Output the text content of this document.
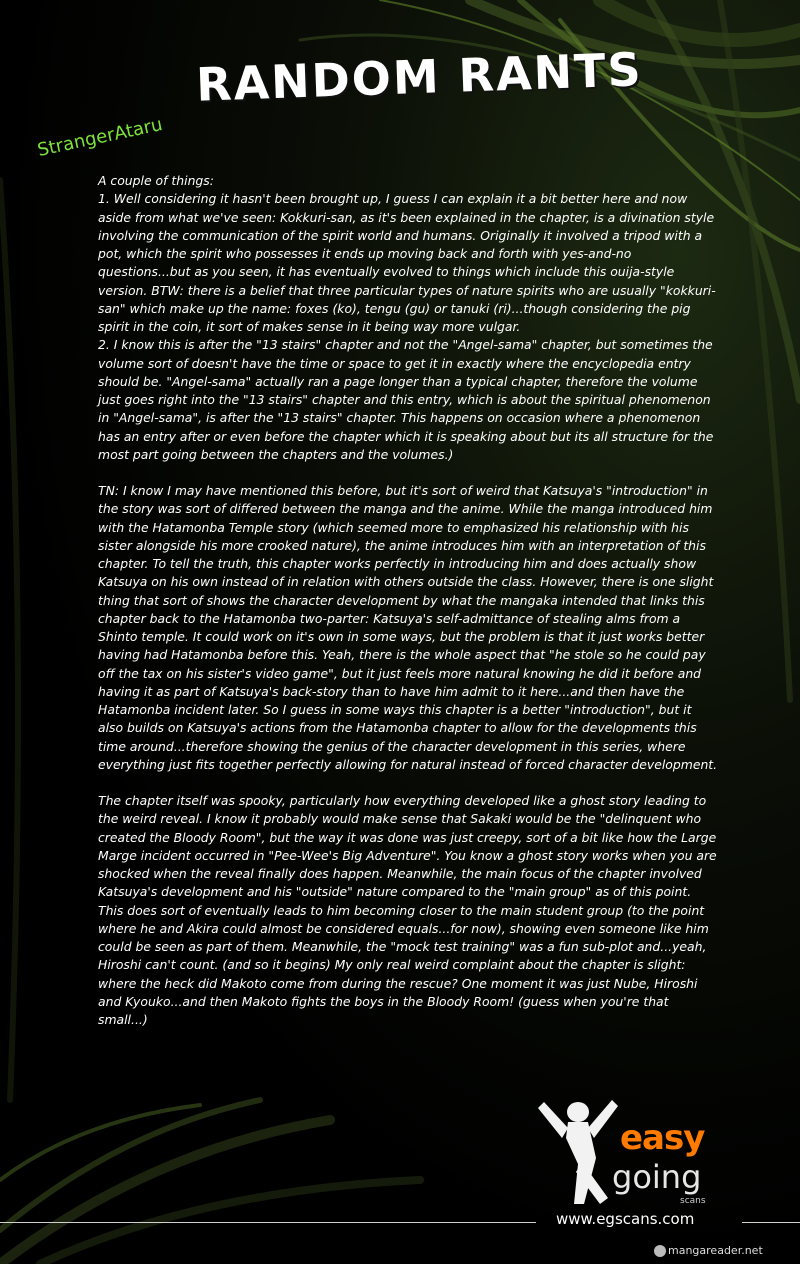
RANDOM RANTS
StrangerAtaru

A couple of things:
1. Well considering it hasn't been brought up, I guess I can explain it a bit better here and now aside from what we've seen: Kokkuri-san, as it's been explained in the chapter, is a divination style involving the communication of the spirit world and humans. Originally it involved a tripod with a pot, which the spirit who possesses it ends up moving back and forth with yes-and-no questions...but as you seen, it has eventually evolved to things which include this ouija-style version. BTW: there is a belief that three particular types of nature spirits who are usually "kokkuri-san" which make up the name: foxes (ko), tengu (gu) or tanuki (ri)...though considering the pig spirit in the coin, it sort of makes sense in it being way more vulgar.
2. I know this is after the "13 stairs" chapter and not the "Angel-sama" chapter, but sometimes the volume sort of doesn't have the time or space to get it in exactly where the encyclopedia entry should be. "Angel-sama" actually ran a page longer than a typical chapter, therefore the volume just goes right into the "13 stairs" chapter and this entry, which is about the spiritual phenomenon in "Angel-sama", is after the "13 stairs" chapter. This happens on occasion where a phenomenon has an entry after or even before the chapter which it is speaking about but its all structure for the most part going between the chapters and the volumes.)

TN: I know I may have mentioned this before, but it's sort of weird that Katsuya's "introduction" in the story was sort of differed between the manga and the anime. While the manga introduced him with the Hatamonba Temple story (which seemed more to emphasized his relationship with his sister alongside his more crooked nature), the anime introduces him with an interpretation of this chapter. To tell the truth, this chapter works perfectly in introducing him and does actually show Katsuya on his own instead of in relation with others outside the class. However, there is one slight thing that sort of shows the character development by what the mangaka intended that links this chapter back to the Hatamonba two-parter: Katsuya's self-admittance of stealing alms from a Shinto temple. It could work on it's own in some ways, but the problem is that it just works better having had Hatamonba before this. Yeah, there is the whole aspect that "he stole so he could pay off the tax on his sister's video game", but it just feels more natural knowing he did it before and having it as part of Katsuya's back-story than to have him admit to it here...and then have the Hatamonba incident later. So I guess in some ways this chapter is a better "introduction", but it also builds on Katsuya's actions from the Hatamonba chapter to allow for the developments this time around...therefore showing the genius of the character development in this series, where everything just fits together perfectly allowing for natural instead of forced character development.

The chapter itself was spooky, particularly how everything developed like a ghost story leading to the weird reveal. I know it probably would make sense that Sakaki would be the "delinquent who created the Bloody Room", but the way it was done was just creepy, sort of a bit like how the Large Marge incident occurred in "Pee-Wee's Big Adventure". You know a ghost story works when you are shocked when the reveal finally does happen. Meanwhile, the main focus of the chapter involved Katsuya's development and his "outside" nature compared to the "main group" as of this point. This does sort of eventually leads to him becoming closer to the main student group (to the point where he and Akira could almost be considered equals...for now), showing even someone like him could be seen as part of them. Meanwhile, the "mock test training" was a fun sub-plot and...yeah, Hiroshi can't count. (and so it begins) My only real weird complaint about the chapter is slight: where the heck did Makoto come from during the rescue? One moment it was just Nube, Hiroshi and Kyouko...and then Makoto fights the boys in the Bloody Room! (guess when you're that small...)

easy
going
scans
www.egscans.com
mangareader.net
